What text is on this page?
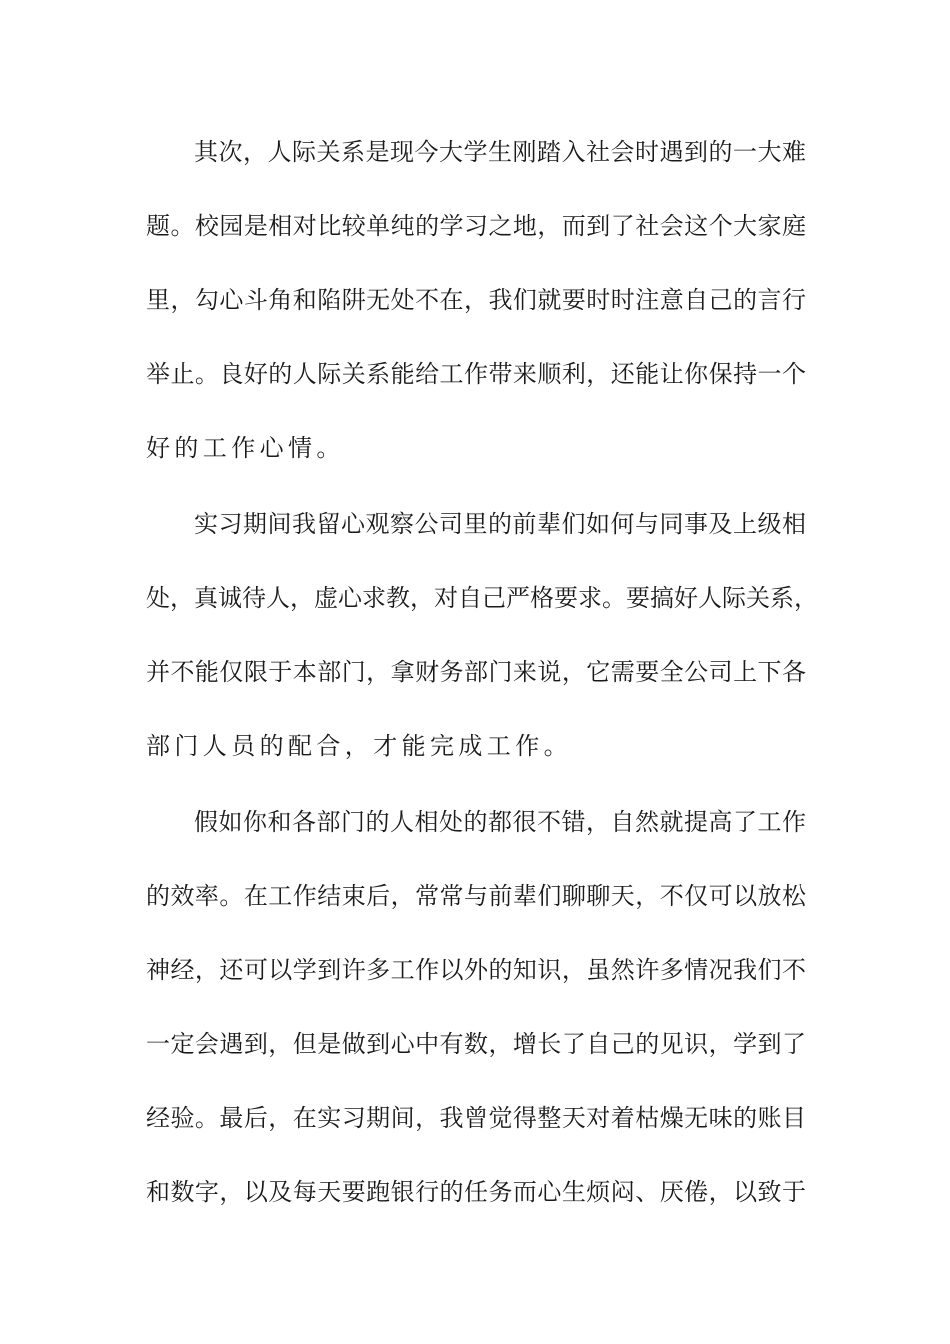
其次，人际关系是现今大学生刚踏入社会时遇到的一大难
题。校园是相对比较单纯的学习之地，而到了社会这个大家庭
里，勾心斗角和陷阱无处不在，我们就要时时注意自己的言行
举止。良好的人际关系能给工作带来顺利，还能让你保持一个
好的工作心情。
实习期间我留心观察公司里的前辈们如何与同事及上级相
处，真诚待人，虚心求教，对自己严格要求。要搞好人际关系，
并不能仅限于本部门，拿财务部门来说，它需要全公司上下各
部门人员的配合，才能完成工作。
假如你和各部门的人相处的都很不错，自然就提高了工作
的效率。在工作结束后，常常与前辈们聊聊天，不仅可以放松
神经，还可以学到许多工作以外的知识，虽然许多情况我们不
一定会遇到，但是做到心中有数，增长了自己的见识，学到了
经验。最后，在实习期间，我曾觉得整天对着枯燥无味的账目
和数字，以及每天要跑银行的任务而心生烦闷、厌倦，以致于
